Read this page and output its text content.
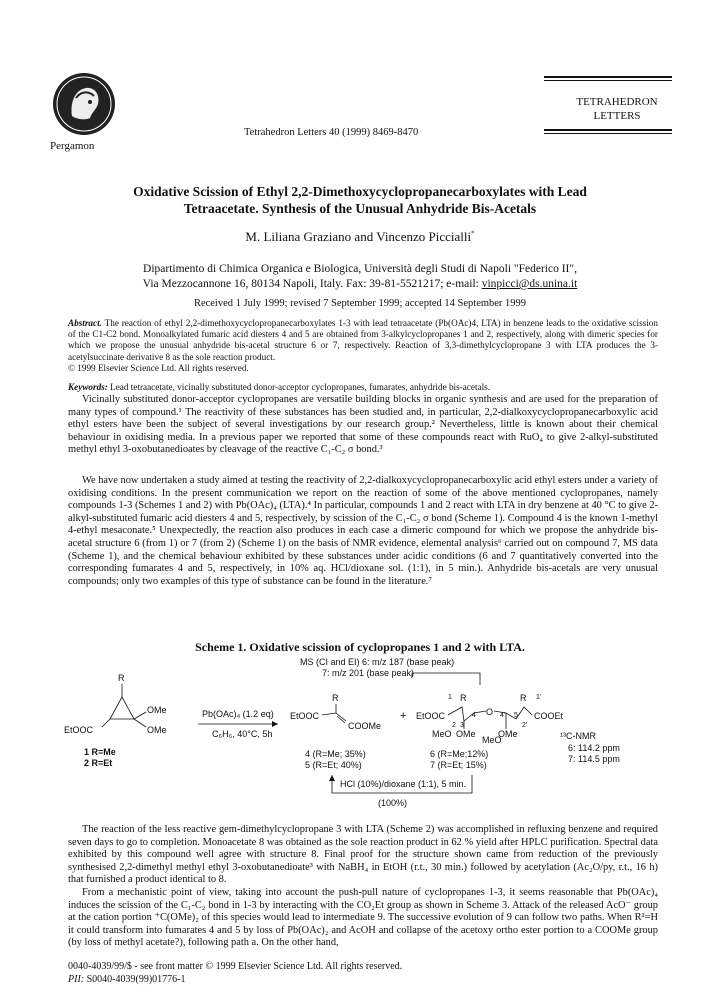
Pergamon
Tetrahedron Letters 40 (1999) 8469-8470
TETRAHEDRON
LETTERS
Oxidative Scission of Ethyl 2,2-Dimethoxycyclopropanecarboxylates with Lead
Tetraacetate. Synthesis of the Unusual Anhydride Bis-Acetals
M. Liliana Graziano and Vincenzo Piccialli*
Dipartimento di Chimica Organica e Biologica, Università degli Studi di Napoli "Federico II",
Via Mezzocannone 16, 80134 Napoli, Italy. Fax: 39-81-5521217; e-mail: vinpicci@ds.unina.it
Received 1 July 1999; revised 7 September 1999; accepted 14 September 1999
Abstract. The reaction of ethyl 2,2-dimethoxycyclopropanecarboxylates 1-3 with lead tetraacetate (Pb(OAc)4, LTA) in benzene leads to the oxidative scission of the C1-C2 bond. Monoalkylated fumaric acid diesters 4 and 5 are obtained from 3-alkylcyclopropanes 1 and 2, respectively, along with dimeric species for which we propose the unusual anhydride bis-acetal structure 6 or 7, respectively. Reaction of 3,3-dimethylcyclopropane 3 with LTA produces the 3-acetylsuccinate derivative 8 as the sole reaction product.
© 1999 Elsevier Science Ltd. All rights reserved.
Keywords: Lead tetraacetate, vicinally substituted donor-acceptor cyclopropanes, fumarates, anhydride bis-acetals.

Vicinally substituted donor-acceptor cyclopropanes are versatile building blocks in organic synthesis and are used for the preparation of many types of compound.¹ The reactivity of these substances has been studied and, in particular, 2,2-dialkoxycyclopropanecarboxylic acid ethyl esters have been the subject of several investigations by our research group.² Nevertheless, little is known about their chemical behaviour in oxidising media. In a previous paper we reported that some of these compounds react with RuO₄ to give 2-alkyl-substituted methyl ethyl 3-oxobutanedioates by cleavage of the reactive C₁-C₂ σ bond.³

We have now undertaken a study aimed at testing the reactivity of 2,2-dialkoxycyclopropanecarboxylic acid ethyl esters under a variety of oxidising conditions. In the present communication we report on the reaction of some of the above mentioned cyclopropanes, namely compounds 1-3 (Schemes 1 and 2) with Pb(OAc)₄ (LTA).⁴ In particular, compounds 1 and 2 react with LTA in dry benzene at 40 °C to give 2-alkyl-substituted fumaric acid diesters 4 and 5, respectively, by scission of the C₁-C₂ σ bond (Scheme 1). Compound 4 is the known 1-methyl 4-ethyl mesaconate.⁵ Unexpectedly, the reaction also produces in each case a dimeric compound for which we propose the anhydride bis-acetal structure 6 (from 1) or 7 (from 2) (Scheme 1) on the basis of NMR evidence, elemental analysis⁶ carried out on compound 7, MS data (Scheme 1), and the chemical behaviour exhibited by these substances under acidic conditions (6 and 7 quantitatively converted into the corresponding fumarates 4 and 5, respectively, in 10% aq. HCl/dioxane sol. (1:1), in 5 min.). Anhydride bis-acetals are very unusual compounds; only two examples of this type of substance can be found in the literature.⁷

Scheme 1. Oxidative scission of cyclopropanes 1 and 2 with LTA.
MS (CI and EI) 6: m/z 187 (base peak)
7: m/z 201 (base peak)
R
OMe
OMe
EtOOC
1 R=Me
2 R=Et
Pb(OAc)₄ (1.2 eq)
C₆H₆, 40°C, 5h
R
EtOOC
COOMe
+
4 (R=Me; 35%)
5 (R=Et; 40%)
1 R
EtOOC
2 3
4 O 4' 5
2'
R 1'
COOEt
MeO OMe OMe
MeO
6 (R=Me;12%)
7 (R=Et; 15%)
¹³C-NMR
6: 114.2 ppm
7: 114.5 ppm
HCl (10%)/dioxane (1:1), 5 min.
(100%)

The reaction of the less reactive gem-dimethylcyclopropane 3 with LTA (Scheme 2) was accomplished in refluxing benzene and required seven days to go to completion. Monoacetate 8 was obtained as the sole reaction product in 62 % yield after HPLC purification. Spectral data exhibited by this compound well agree with structure 8. Final proof for the structure shown came from reduction of the previously synthesised 2,2-dimethyl methyl ethyl 3-oxobutanedioate³ with NaBH₄ in EtOH (r.t., 30 min.) followed by acetylation (Ac₂O/py, r.t., 16 h) that furnished a product identical to 8.

From a mechanistic point of view, taking into account the push-pull nature of cyclopropanes 1-3, it seems reasonable that Pb(OAc)₄ induces the scission of the C₁-C₂ bond in 1-3 by interacting with the CO₂Et group as shown in Scheme 3. Attack of the released AcO⁻ group at the cation portion ⁺C(OMe)₂ of this species would lead to intermediate 9. The successive evolution of 9 can follow two paths. When R²=H it could transform into fumarates 4 and 5 by loss of Pb(OAc)₂ and AcOH and collapse of the acetoxy ortho ester portion to a COOMe group (by loss of methyl acetate?), following path a. On the other hand,

0040-4039/99/$ - see front matter © 1999 Elsevier Science Ltd. All rights reserved.
PII: S0040-4039(99)01776-1
